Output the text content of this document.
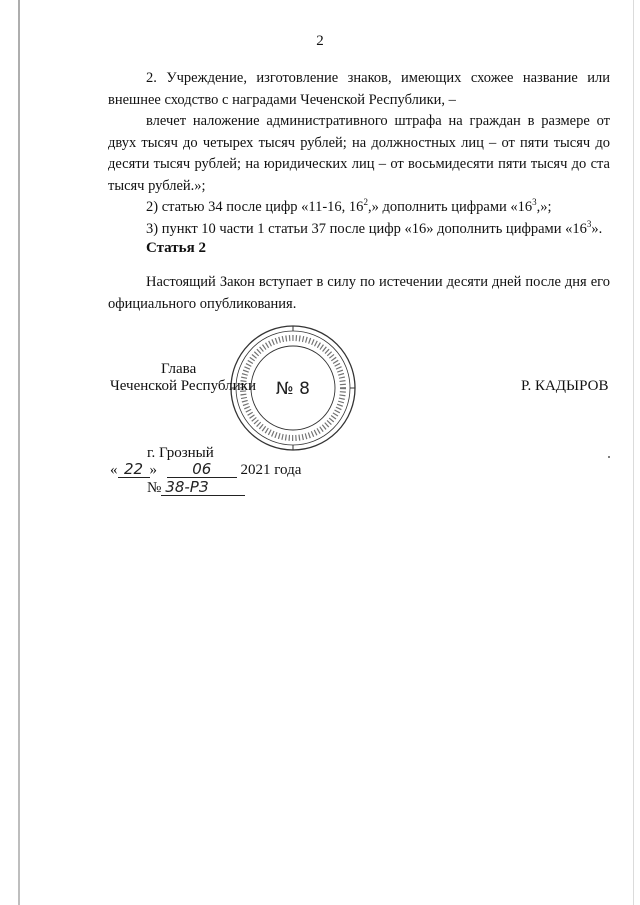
2

2. Учреждение, изготовление знаков, имеющих схожее название или внешнее сходство с наградами Чеченской Республики, –

влечет наложение административного штрафа на граждан в размере от двух тысяч до четырех тысяч рублей; на должностных лиц – от пяти тысяч до десяти тысяч рублей; на юридических лиц – от восьмидесяти пяти тысяч до ста тысяч рублей.»;

2) статью 34 после цифр «11-16, $16^2$,» дополнить цифрами «$16^3$,»;

3) пункт 10 части 1 статьи 37 после цифр «16» дополнить цифрами «$16^3$».

Статья 2

Настоящий Закон вступает в силу по истечении десяти дней после дня его официального опубликования.

№ 8
Глава
Чеченской Республики	Р. КАДЫРОВ
г. Грозный
« 22 » 06 2021 года
№ 38-РЗ
